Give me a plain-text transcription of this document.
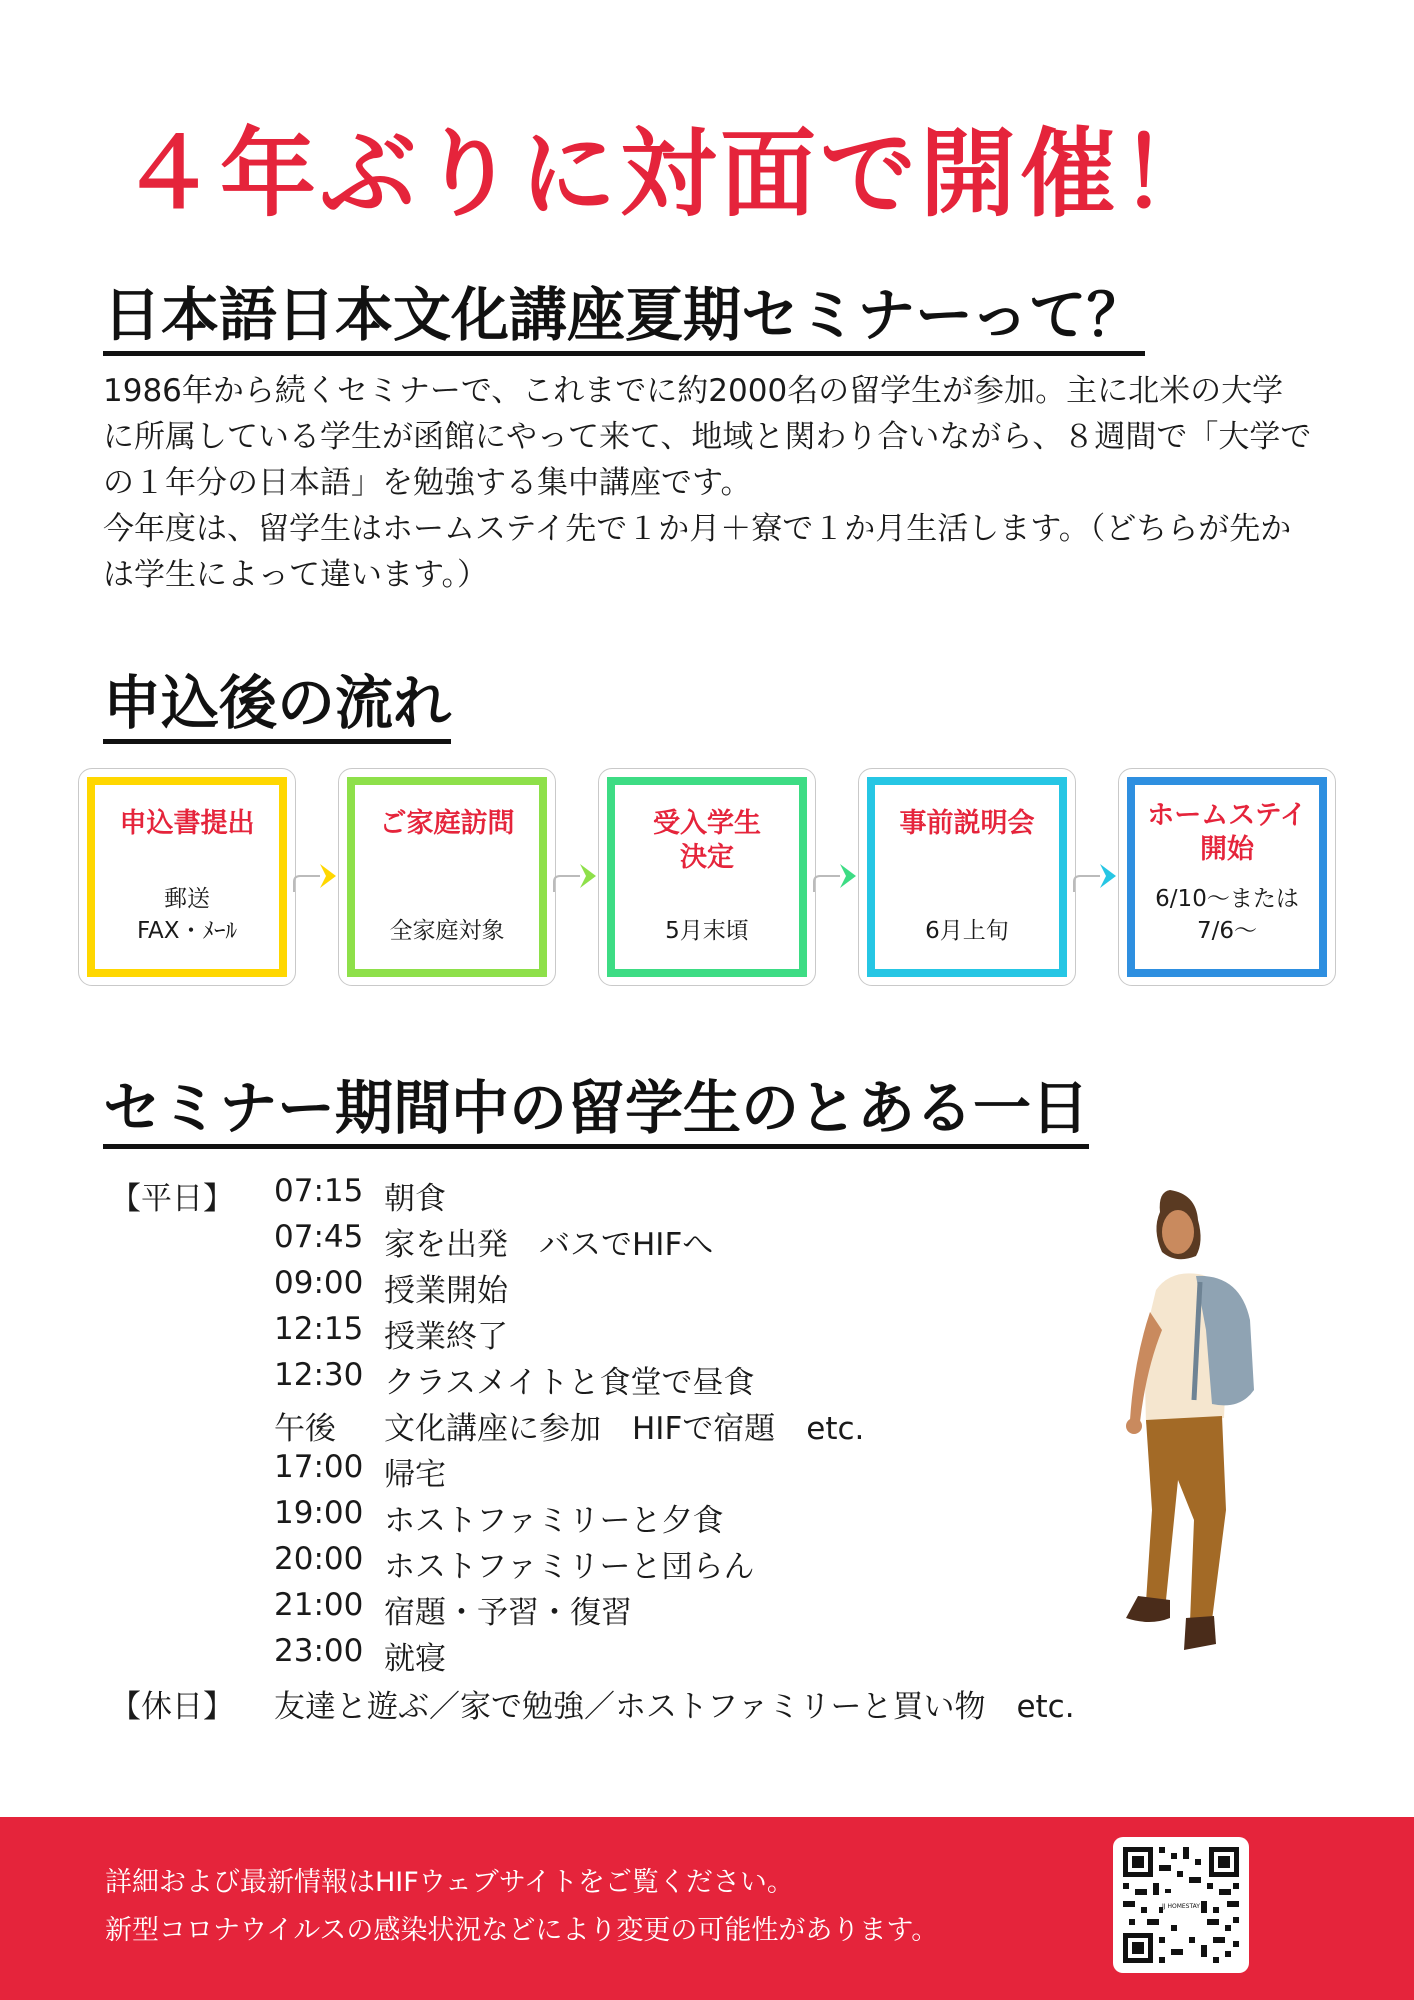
４年ぶりに対面で開催！
日本語日本文化講座夏期セミナーって？

1986年から続くセミナーで、これまでに約2000名の留学生が参加。主に北米の大学に所属している学生が函館にやって来て、地域と関わり合いながら、８週間で「大学での１年分の日本語」を勉強する集中講座です。

今年度は、留学生はホームステイ先で１か月＋寮で１か月生活します。（どちらが先かは学生によって違います。）

申込後の流れ
申込書提出
郵送
FAX・ﾒｰﾙ
ご家庭訪問
全家庭対象
受入学生
決定
5月末頃
事前説明会
6月上旬
ホームステイ
開始
6/10〜または
7/6〜
セミナー期間中の留学生のとある一日
【平日】 07:15 朝食
07:45 家を出発　バスでHIFへ
09:00 授業開始
12:15 授業終了
12:30 クラスメイトと食堂で昼食
午後 文化講座に参加　HIFで宿題　etc.
17:00 帰宅
19:00 ホストファミリーと夕食
20:00 ホストファミリーと団らん
21:00 宿題・予習・復習
23:00 就寝
【休日】 友達と遊ぶ／家で勉強／ホストファミリーと買い物　etc.
詳細および最新情報はHIFウェブサイトをご覧ください。
新型コロナウイルスの感染状況などにより変更の可能性があります。
JJ HOMESTAY
